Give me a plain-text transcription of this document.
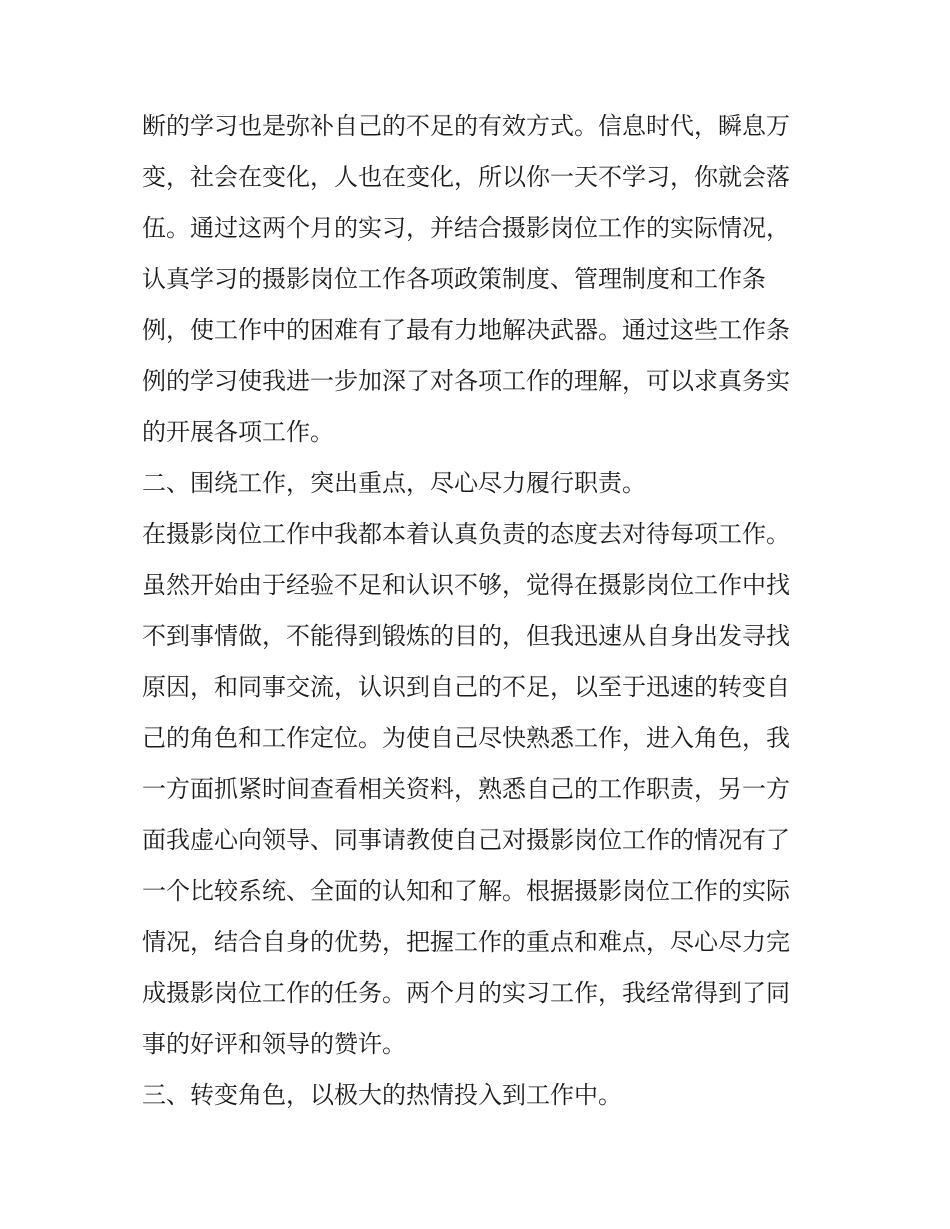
断的学习也是弥补自己的不足的有效方式。信息时代，瞬息万
变，社会在变化，人也在变化，所以你一天不学习，你就会落
伍。通过这两个月的实习，并结合摄影岗位工作的实际情况，
认真学习的摄影岗位工作各项政策制度、管理制度和工作条
例，使工作中的困难有了最有力地解决武器。通过这些工作条
例的学习使我进一步加深了对各项工作的理解，可以求真务实
的开展各项工作。
二、围绕工作，突出重点，尽心尽力履行职责。
在摄影岗位工作中我都本着认真负责的态度去对待每项工作。
虽然开始由于经验不足和认识不够，觉得在摄影岗位工作中找
不到事情做，不能得到锻炼的目的，但我迅速从自身出发寻找
原因，和同事交流，认识到自己的不足，以至于迅速的转变自
己的角色和工作定位。为使自己尽快熟悉工作，进入角色，我
一方面抓紧时间查看相关资料，熟悉自己的工作职责，另一方
面我虚心向领导、同事请教使自己对摄影岗位工作的情况有了
一个比较系统、全面的认知和了解。根据摄影岗位工作的实际
情况，结合自身的优势，把握工作的重点和难点，尽心尽力完
成摄影岗位工作的任务。两个月的实习工作，我经常得到了同
事的好评和领导的赞许。
三、转变角色，以极大的热情投入到工作中。
